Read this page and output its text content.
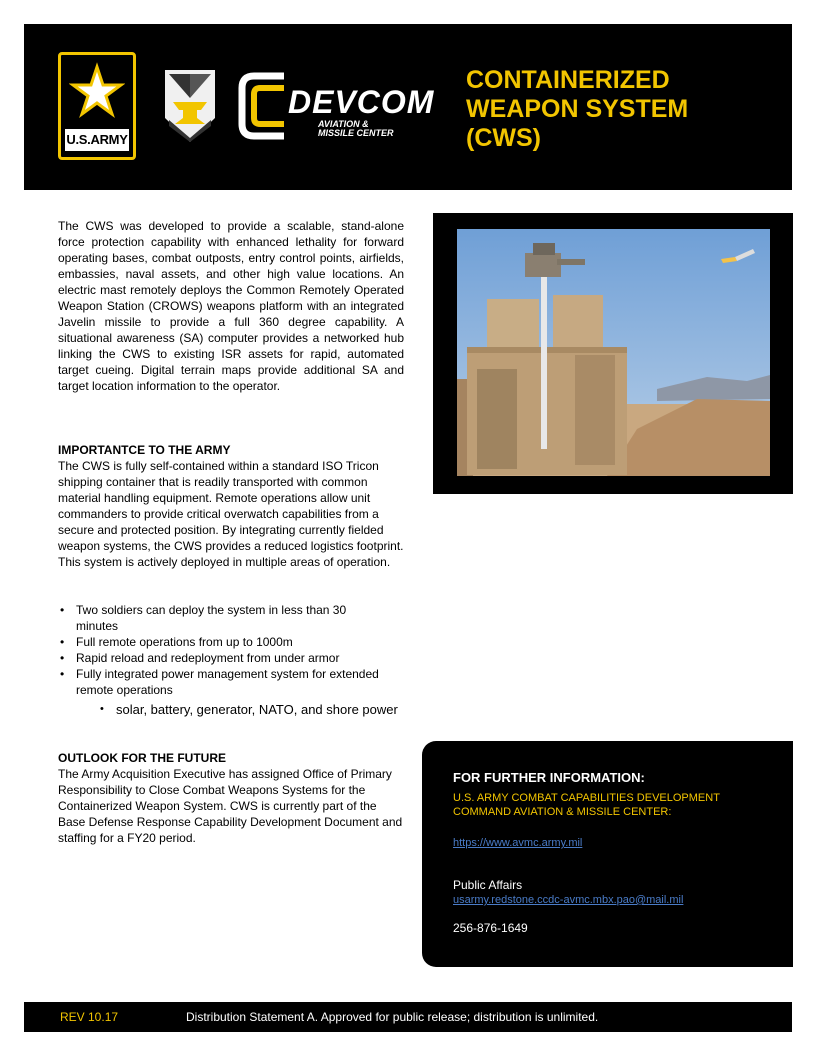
U.S.ARMY
DEVCOM
AVIATION &
MISSILE CENTER
CONTAINERIZED
WEAPON SYSTEM
(CWS)
The CWS was developed to provide a scalable, stand-alone force protection capability with enhanced lethality for forward operating bases, combat outposts, entry control points, airfields, embassies, naval assets, and other high value locations. An electric mast remotely deploys the Common Remotely Operated Weapon Station (CROWS) weapons platform with an integrated Javelin missile to provide a full 360 degree capability. A situational awareness (SA) computer provides a networked hub linking the CWS to existing ISR assets for rapid, automated target cueing. Digital terrain maps provide additional SA and target location information to the operator.
IMPORTANTCE TO THE ARMY
The CWS is fully self-contained within a standard ISO Tricon shipping container that is readily transported with common material handling equipment. Remote operations allow unit commanders to provide critical overwatch capabilities from a secure and protected position. By integrating currently fielded weapon systems, the CWS provides a reduced logistics footprint. This system is actively deployed in multiple areas of operation.
• Two soldiers can deploy the system in less than 30 minutes
• Full remote operations from up to 1000m
• Rapid reload and redeployment from under armor
• Fully integrated power management system for extended remote operations
• solar, battery, generator, NATO, and shore power
OUTLOOK FOR THE FUTURE
The Army Acquisition Executive has assigned Office of Primary Responsibility to Close Combat Weapons Systems for the Containerized Weapon System. CWS is currently part of the Base Defense Response Capability Development Document and staffing for a FY20 period.
FOR FURTHER INFORMATION:
U.S. ARMY COMBAT CAPABILITIES DEVELOPMENT COMMAND AVIATION & MISSILE CENTER:
https://www.avmc.army.mil
Public Affairs
usarmy.redstone.ccdc-avmc.mbx.pao@mail.mil
256-876-1649
REV 10.17	Distribution Statement A. Approved for public release; distribution is unlimited.
